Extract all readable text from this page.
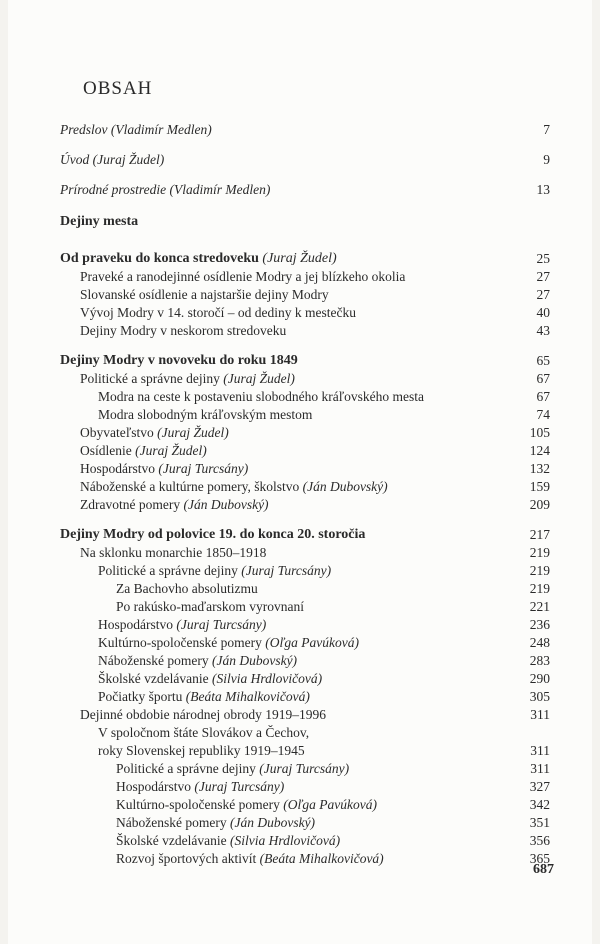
OBSAH
Predslov (Vladimír Medlen)	7
Úvod (Juraj Žudel)	9
Prírodné prostredie (Vladimír Medlen)	13
Dejiny mesta
Od praveku do konca stredoveku (Juraj Žudel)	25
Praveké a ranodejinné osídlenie Modry a jej blízkeho okolia	27
Slovanské osídlenie a najstaršie dejiny Modry	27
Vývoj Modry v 14. storočí – od dediny k mestečku	40
Dejiny Modry v neskorom stredoveku	43
Dejiny Modry v novoveku do roku 1849	65
Politické a správne dejiny (Juraj Žudel)	67
Modra na ceste k postaveniu slobodného kráľovského mesta	67
Modra slobodným kráľovským mestom	74
Obyvateľstvo (Juraj Žudel)	105
Osídlenie (Juraj Žudel)	124
Hospodárstvo (Juraj Turcsány)	132
Náboženské a kultúrne pomery, školstvo (Ján Dubovský)	159
Zdravotné pomery (Ján Dubovský)	209
Dejiny Modry od polovice 19. do konca 20. storočia	217
Na sklonku monarchie 1850–1918	219
Politické a správne dejiny (Juraj Turcsány)	219
Za Bachovho absolutizmu	219
Po rakúsko-maďarskom vyrovnaní	221
Hospodárstvo (Juraj Turcsány)	236
Kultúrno-spoločenské pomery (Oľga Pavúková)	248
Náboženské pomery (Ján Dubovský)	283
Školské vzdelávanie (Silvia Hrdlovičová)	290
Počiatky športu (Beáta Mihalkovičová)	305
Dejinné obdobie národnej obrody 1919–1996	311
V spoločnom štáte Slovákov a Čechov,
roky Slovenskej republiky 1919–1945	311
Politické a správne dejiny (Juraj Turcsány)	311
Hospodárstvo (Juraj Turcsány)	327
Kultúrno-spoločenské pomery (Oľga Pavúková)	342
Náboženské pomery (Ján Dubovský)	351
Školské vzdelávanie (Silvia Hrdlovičová)	356
Rozvoj športových aktivít (Beáta Mihalkovičová)	365
687
